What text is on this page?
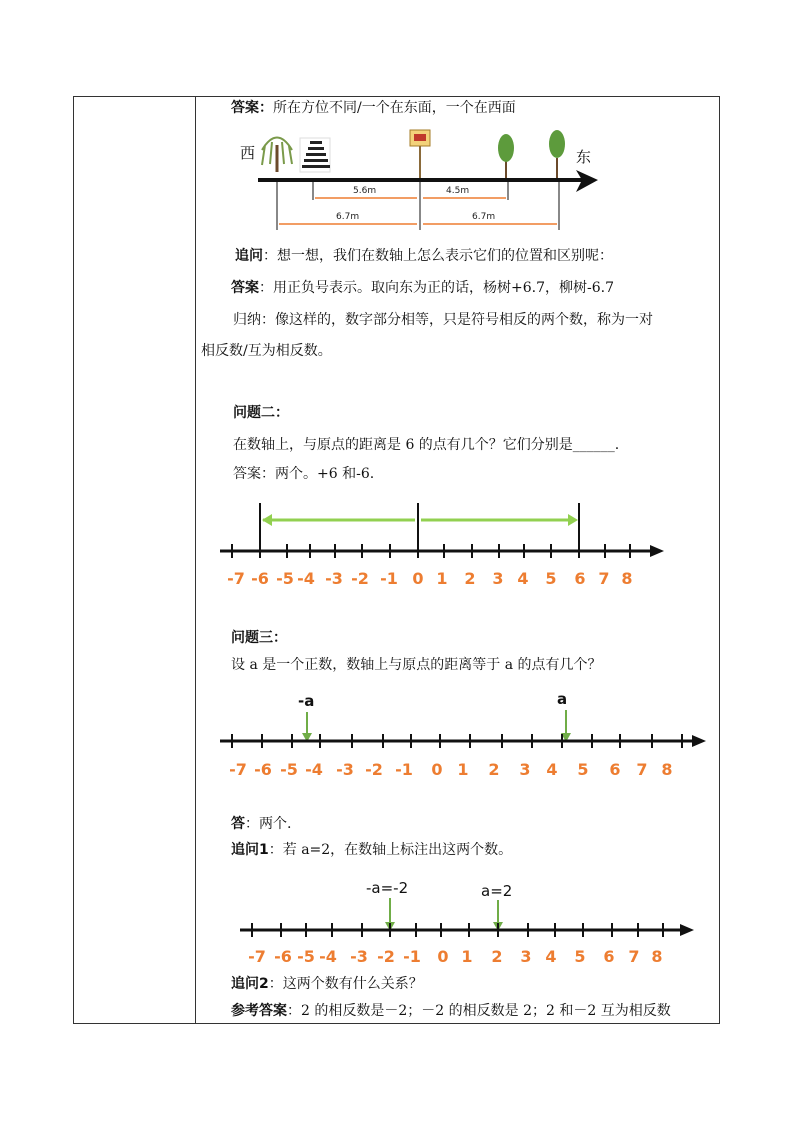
答案：所在方位不同/一个在东面，一个在西面
西	东
5.6m	4.5m
6.7m	6.7m
追问：想一想，我们在数轴上怎么表示它们的位置和区别呢：
答案：用正负号表示。取向东为正的话，杨树+6.7，柳树-6.7
归纳：像这样的，数字部分相等，只是符号相反的两个数，称为一对
相反数/互为相反数。
问题二：
在数轴上，与原点的距离是 6 的点有几个？它们分别是______.
答案：两个。+6 和-6.
-7 -6 -5 -4 -3 -2 -1 0 1 2 3 4 5 6 7 8
问题三：
设 a 是一个正数，数轴上与原点的距离等于 a 的点有几个？
-a	a
-7 -6 -5 -4 -3 -2 -1 0 1 2 3 4 5 6 7 8
答：两个.
追问1：若 a=2，在数轴上标注出这两个数。
-a=-2	a=2
-7 -6 -5 -4 -3 -2 -1 0 1 2 3 4 5 6 7 8
追问2：这两个数有什么关系？
参考答案：2 的相反数是－2；－2 的相反数是 2；2 和－2 互为相反数
